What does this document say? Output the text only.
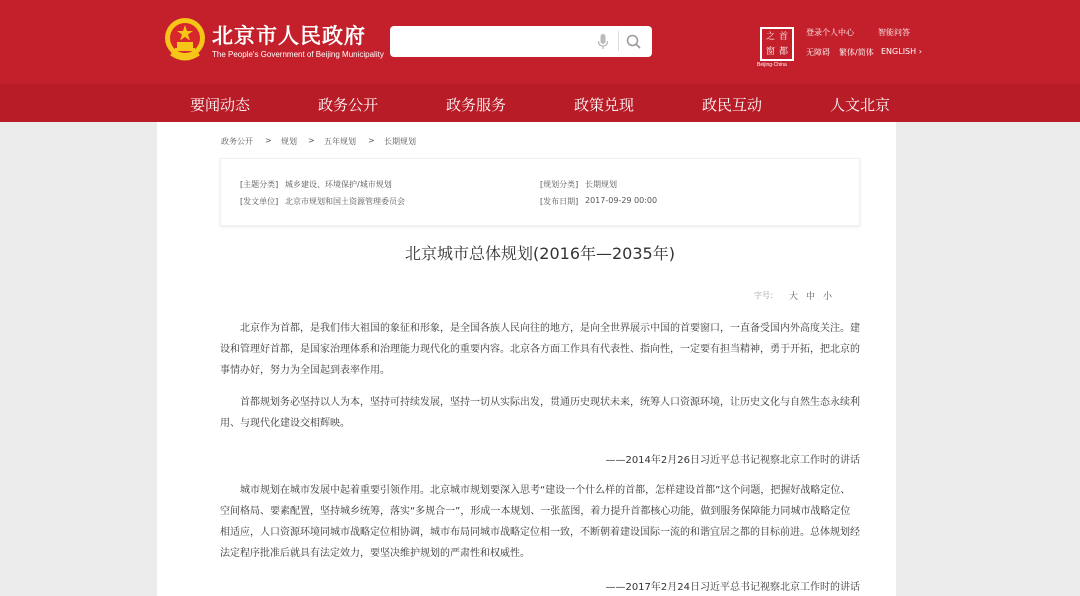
北京市人民政府
The People's Government of Beijing Municipality
首
都
之
窗
Beijing·China
登录个人中心	智能问答
无障碍 繁体/简体 ENGLISH ›
要闻动态	政务公开	政务服务	政策兑现	政民互动	人文北京
政务公开 > 规划 > 五年规划 > 长期规划
[主题分类] 城乡建设、环境保护/城市规划	[规划分类] 长期规划
[发文单位] 北京市规划和国土资源管理委员会	[发布日期] 2017-09-29 00:00
北京城市总体规划(2016年—2035年)
字号： 大 中 小
北京作为首都，是我们伟大祖国的象征和形象，是全国各族人民向往的地方，是向全世界展示中国的首要窗口，一直备受国内外高度关注。建设和管理好首都，是国家治理体系和治理能力现代化的重要内容。北京各方面工作具有代表性、指向性，一定要有担当精神，勇于开拓，把北京的事情办好，努力为全国起到表率作用。
首都规划务必坚持以人为本，坚持可持续发展，坚持一切从实际出发，贯通历史现状未来，统筹人口资源环境，让历史文化与自然生态永续利用、与现代化建设交相辉映。
——2014年2月26日习近平总书记视察北京工作时的讲话
城市规划在城市发展中起着重要引领作用。北京城市规划要深入思考“建设一个什么样的首都，怎样建设首都”这个问题，把握好战略定位、空间格局、要素配置，坚持城乡统筹，落实“多规合一”，形成一本规划、一张蓝图，着力提升首都核心功能，做到服务保障能力同城市战略定位相适应，人口资源环境同城市战略定位相协调，城市布局同城市战略定位相一致，不断朝着建设国际一流的和谐宜居之都的目标前进。总体规划经法定程序批准后就具有法定效力，要坚决维护规划的严肃性和权威性。
——2017年2月24日习近平总书记视察北京工作时的讲话
